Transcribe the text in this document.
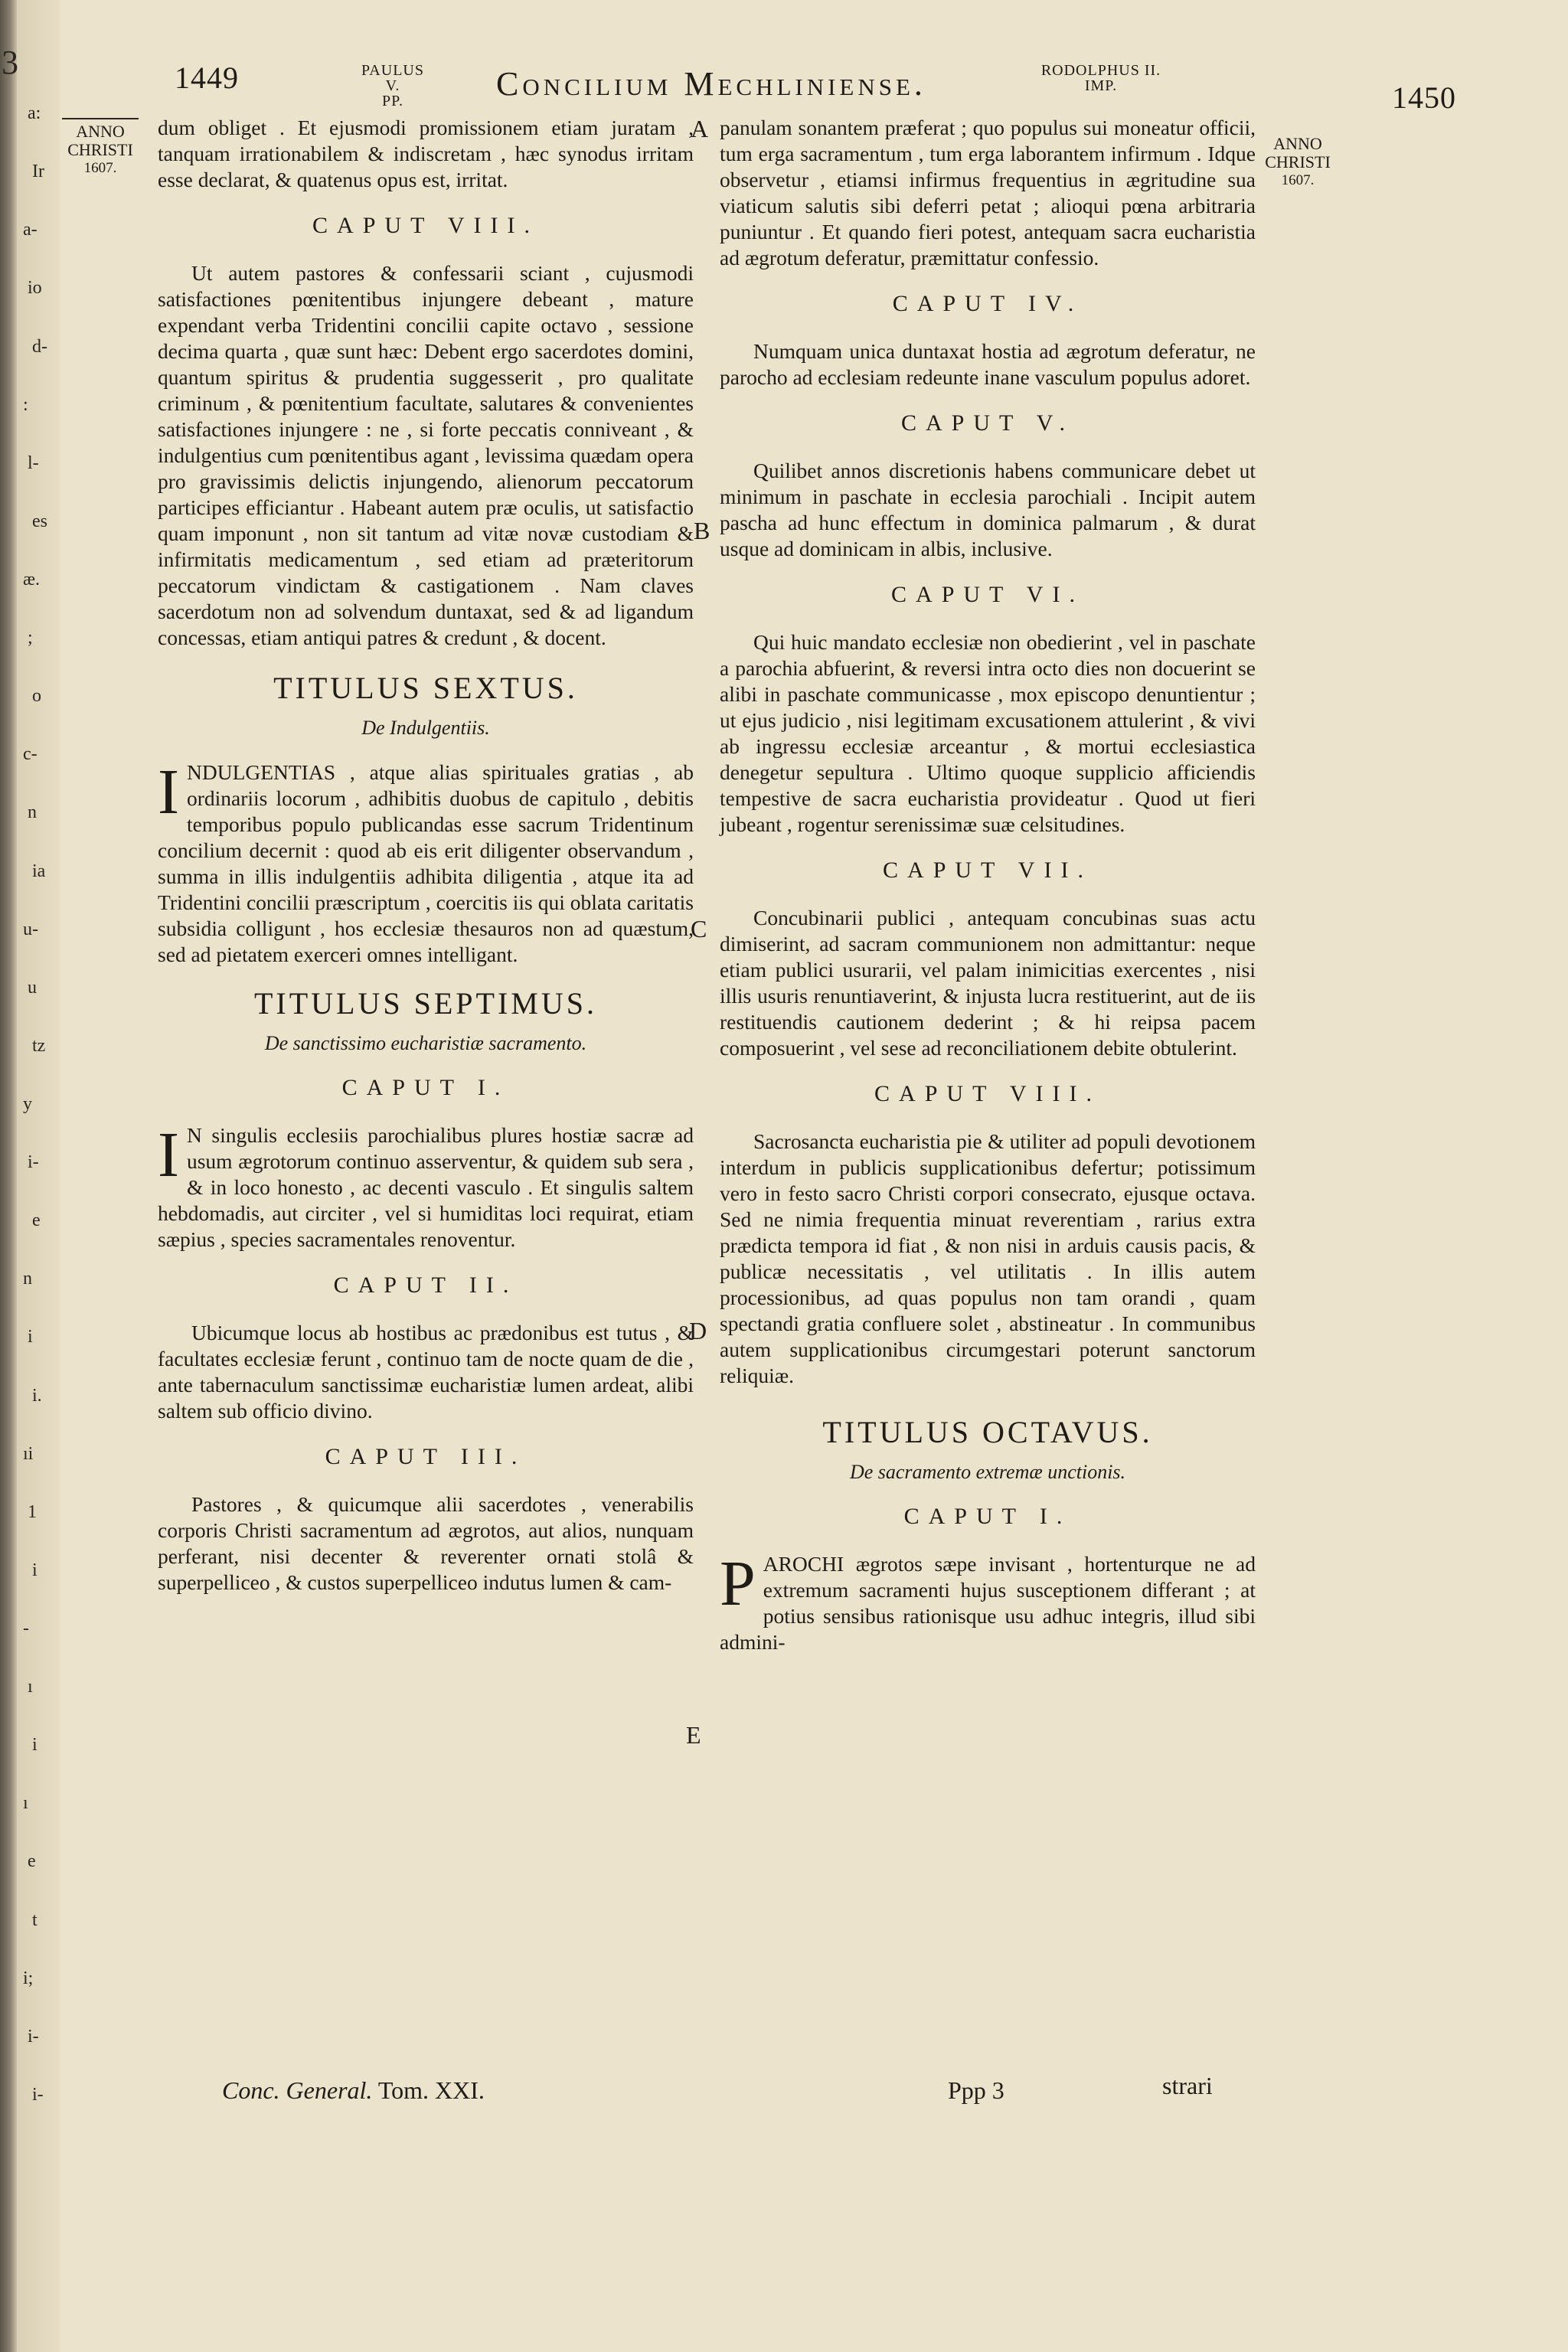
3
a:
Ir
a-
io
d-
:
l-
es
æ.
;
o
c-
n
ia
u-
u
tz
y
i-
e
n
i
i.
ıi
1
i
-
ı
i
ı
e
t
i;
i-
i-
1449	PAULUS V.
PP.	Concilium Mechliniense.	RODOLPHUS II.
IMP.	1450
ANNO
CHRISTI
1607.
ANNO
CHRISTI
1607.
A
B
C
D
E

dum obliget . Et ejusmodi promissionem etiam juratam , tanquam irrationabilem & indiscretam , hæc synodus irritam esse declarat, & quatenus opus est, irritat.

CAPUT VIII.

Ut autem pastores & confessarii sciant , cujusmodi satisfactiones pœnitentibus injungere debeant , mature expendant verba Tridentini concilii capite octavo , sessione decima quarta , quæ sunt hæc: Debent ergo sacerdotes domini, quantum spiritus & prudentia suggesserit , pro qualitate criminum , & pœnitentium facultate, salutares & convenientes satisfactiones injungere : ne , si forte peccatis conniveant , & indulgentius cum pœnitentibus agant , levissima quædam opera pro gravissimis delictis injungendo, alienorum peccatorum participes efficiantur . Habeant autem præ oculis, ut satisfactio quam imponunt , non sit tantum ad vitæ novæ custodiam & infirmitatis medicamentum , sed etiam ad præteritorum peccatorum vindictam & castigationem . Nam claves sacerdotum non ad solvendum duntaxat, sed & ad ligandum concessas, etiam antiqui patres & credunt , & docent.

TITULUS SEXTUS.
De Indulgentiis.

INDULGENTIAS , atque alias spirituales gratias , ab ordinariis locorum , adhibitis duobus de capitulo , debitis temporibus populo publicandas esse sacrum Tridentinum concilium decernit : quod ab eis erit diligenter observandum , summa in illis indulgentiis adhibita diligentia , atque ita ad Tridentini concilii præscriptum , coercitis iis qui oblata caritatis subsidia colligunt , hos ecclesiæ thesauros non ad quæstum, sed ad pietatem exerceri omnes intelligant.

TITULUS SEPTIMUS.
De sanctissimo eucharistiæ sacramento.
CAPUT I.

I N singulis ecclesiis parochialibus plures hostiæ sacræ ad usum ægrotorum continuo asserventur, & quidem sub sera , & in loco honesto , ac decenti vasculo . Et singulis saltem hebdomadis, aut circiter , vel si humiditas loci requirat, etiam sæpius , species sacramentales renoventur.

CAPUT II.

Ubicumque locus ab hostibus ac prædonibus est tutus , & facultates ecclesiæ ferunt , continuo tam de nocte quam de die , ante tabernaculum sanctissimæ eucharistiæ lumen ardeat, alibi saltem sub officio divino.

CAPUT III.

Pastores , & quicumque alii sacerdotes , venerabilis corporis Christi sacramentum ad ægrotos, aut alios, nunquam perferant, nisi decenter & reverenter ornati stolâ & superpelliceo , & custos superpelliceo indutus lumen & cam-

Conc. General. Tom. XXI.

panulam sonantem præferat ; quo populus sui moneatur officii, tum erga sacramentum , tum erga laborantem infirmum . Idque observetur , etiamsi infirmus frequentius in ægritudine sua viaticum salutis sibi deferri petat ; alioqui pœna arbitraria puniuntur . Et quando fieri potest, antequam sacra eucharistia ad ægrotum deferatur, præmittatur confessio.

CAPUT IV.

Numquam unica duntaxat hostia ad ægrotum deferatur, ne parocho ad ecclesiam redeunte inane vasculum populus adoret.

CAPUT V.

Quilibet annos discretionis habens communicare debet ut minimum in paschate in ecclesia parochiali . Incipit autem pascha ad hunc effectum in dominica palmarum , & durat usque ad dominicam in albis, inclusive.

CAPUT VI.

Qui huic mandato ecclesiæ non obedierint , vel in paschate a parochia abfuerint, & reversi intra octo dies non docuerint se alibi in paschate communicasse , mox episcopo denuntientur ; ut ejus judicio , nisi legitimam excusationem attulerint , & vivi ab ingressu ecclesiæ arceantur , & mortui ecclesiastica denegetur sepultura . Ultimo quoque supplicio afficiendis tempestive de sacra eucharistia provideatur . Quod ut fieri jubeant , rogentur serenissimæ suæ celsitudines.

CAPUT VII.

Concubinarii publici , antequam concubinas suas actu dimiserint, ad sacram communionem non admittantur: neque etiam publici usurarii, vel palam inimicitias exercentes , nisi illis usuris renuntiaverint, & injusta lucra restituerint, aut de iis restituendis cautionem dederint ; & hi reipsa pacem composuerint , vel sese ad reconciliationem debite obtulerint.

CAPUT VIII.

Sacrosancta eucharistia pie & utiliter ad populi devotionem interdum in publicis supplicationibus defertur; potissimum vero in festo sacro Christi corpori consecrato, ejusque octava. Sed ne nimia frequentia minuat reverentiam , rarius extra prædicta tempora id fiat , & non nisi in arduis causis pacis, & publicæ necessitatis , vel utilitatis . In illis autem processionibus, ad quas populus non tam orandi , quam spectandi gratia confluere solet , abstineatur . In communibus autem supplicationibus circumgestari poterunt sanctorum reliquiæ.

TITULUS OCTAVUS.
De sacramento extremæ unctionis.
CAPUT I.

PAROCHI ægrotos sæpe invisant , hortenturque ne ad extremum sacramenti hujus susceptionem differant ; at potius sensibus rationisque usu adhuc integris, illud sibi admini-

Ppp 3	strari
